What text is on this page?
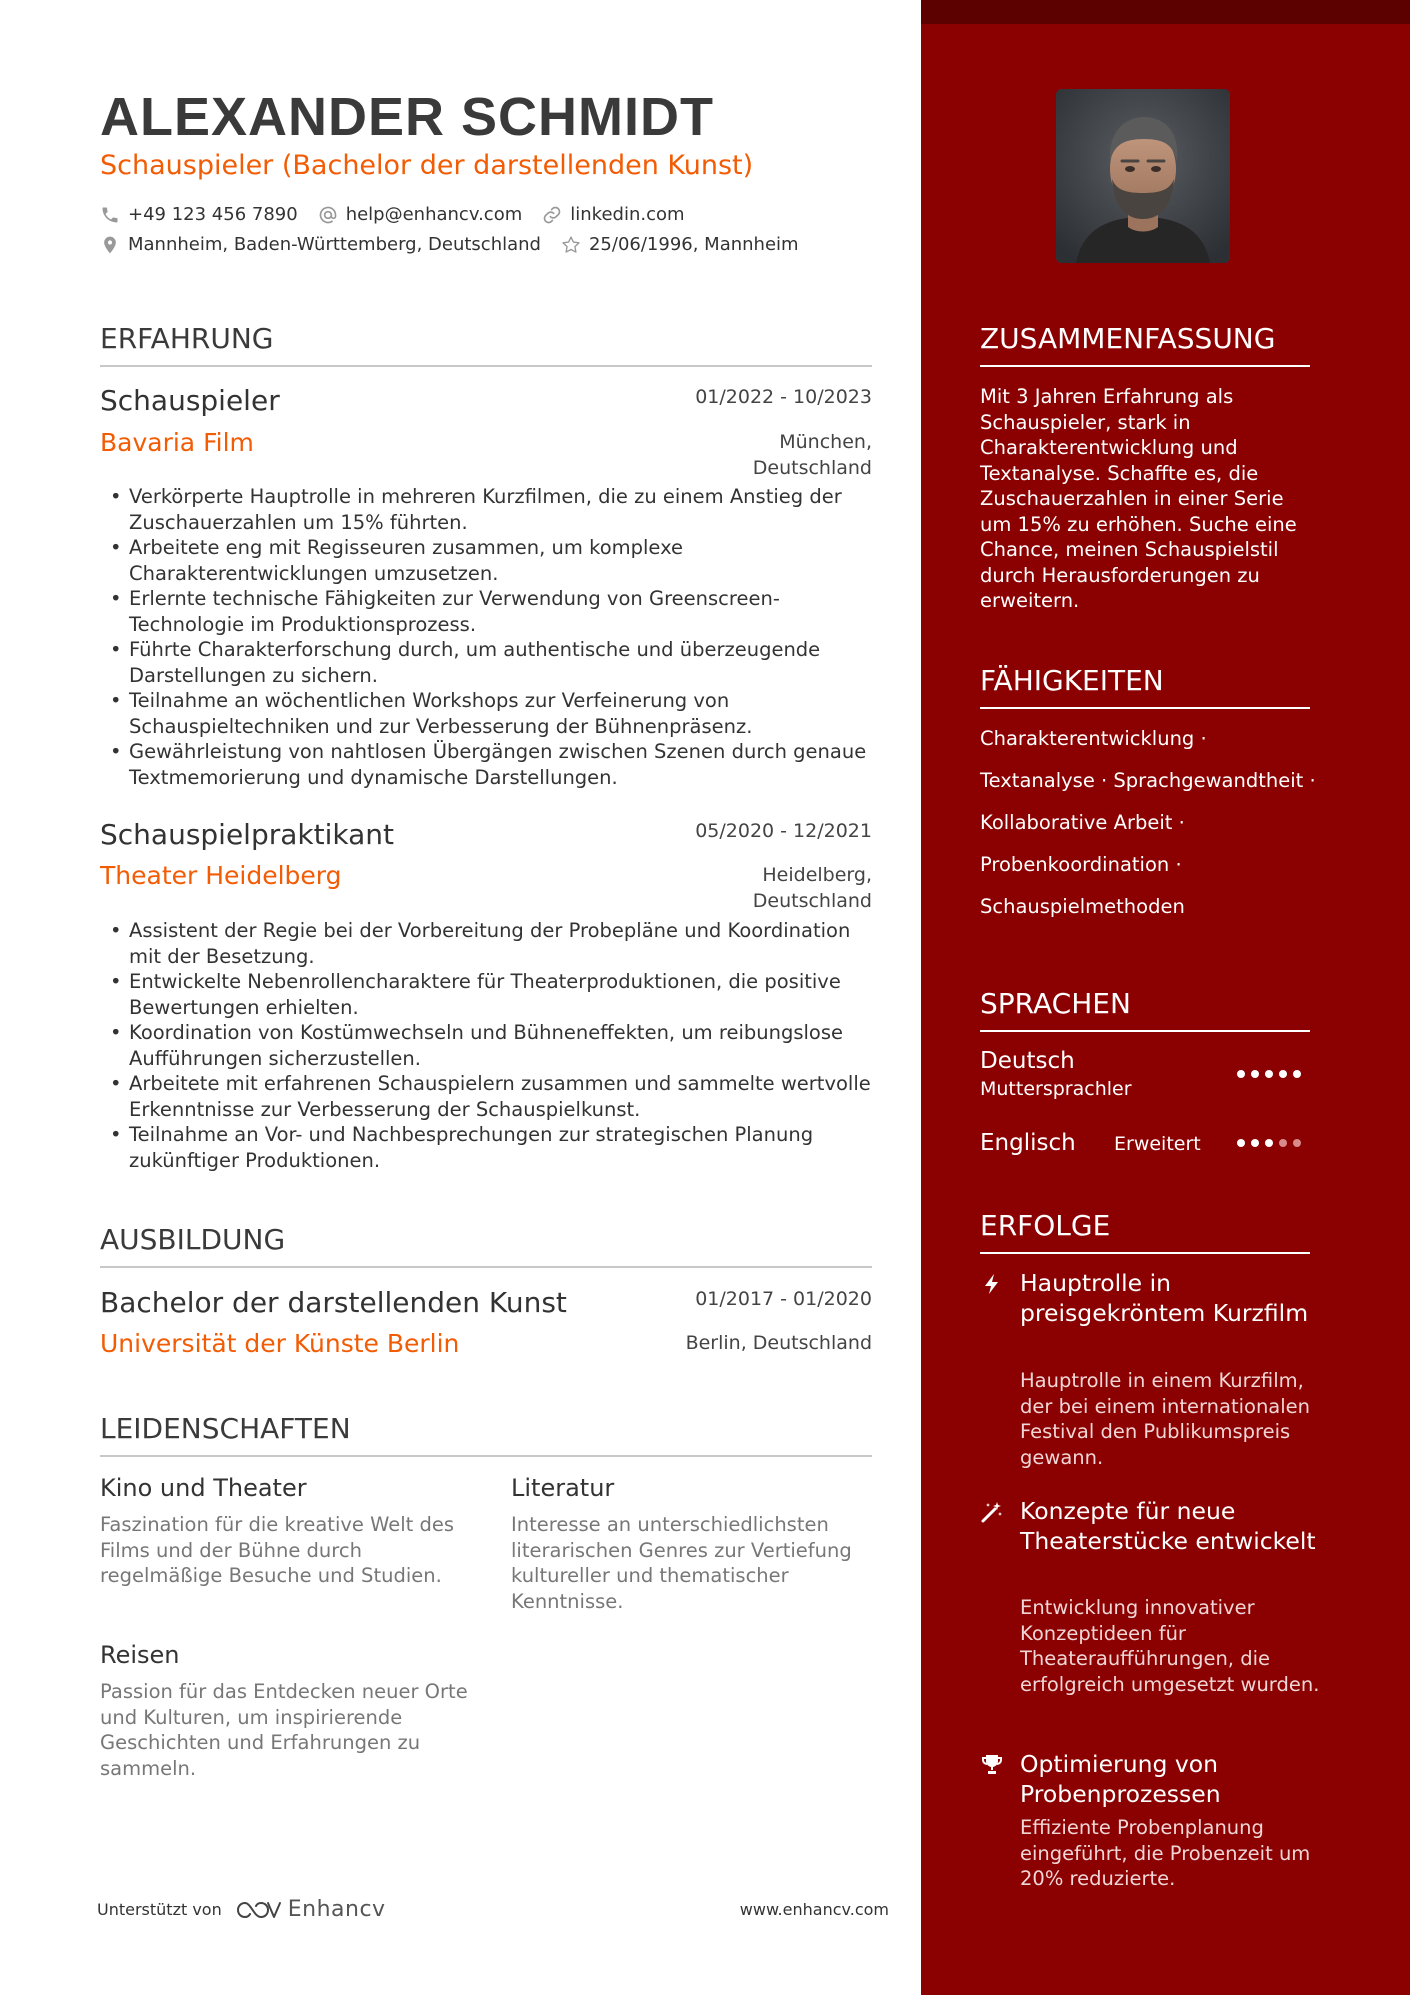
ALEXANDER SCHMIDT
Schauspieler (Bachelor der darstellenden Kunst)
+49 123 456 7890	help@enhancv.com	linkedin.com
Mannheim, Baden-Württemberg, Deutschland	25/06/1996, Mannheim
ERFAHRUNG
Schauspieler	01/2022 - 10/2023
Bavaria Film	München,
Deutschland
• Verkörperte Hauptrolle in mehreren Kurzfilmen, die zu einem Anstieg der Zuschauerzahlen um 15% führten.
• Arbeitete eng mit Regisseuren zusammen, um komplexe Charakterentwicklungen umzusetzen.
• Erlernte technische Fähigkeiten zur Verwendung von Greenscreen-Technologie im Produktionsprozess.
• Führte Charakterforschung durch, um authentische und überzeugende Darstellungen zu sichern.
• Teilnahme an wöchentlichen Workshops zur Verfeinerung von Schauspieltechniken und zur Verbesserung der Bühnenpräsenz.
• Gewährleistung von nahtlosen Übergängen zwischen Szenen durch genaue Textmemorierung und dynamische Darstellungen.
Schauspielpraktikant	05/2020 - 12/2021
Theater Heidelberg	Heidelberg,
Deutschland
• Assistent der Regie bei der Vorbereitung der Probepläne und Koordination mit der Besetzung.
• Entwickelte Nebenrollencharaktere für Theaterproduktionen, die positive Bewertungen erhielten.
• Koordination von Kostümwechseln und Bühneneffekten, um reibungslose Aufführungen sicherzustellen.
• Arbeitete mit erfahrenen Schauspielern zusammen und sammelte wertvolle Erkenntnisse zur Verbesserung der Schauspielkunst.
• Teilnahme an Vor- und Nachbesprechungen zur strategischen Planung zukünftiger Produktionen.
AUSBILDUNG
Bachelor der darstellenden Kunst	01/2017 - 01/2020
Universität der Künste Berlin	Berlin, Deutschland
LEIDENSCHAFTEN
Kino und Theater
Faszination für die kreative Welt des Films und der Bühne durch regelmäßige Besuche und Studien.
Literatur
Interesse an unterschiedlichsten literarischen Genres zur Vertiefung kultureller und thematischer Kenntnisse.
Reisen
Passion für das Entdecken neuer Orte und Kulturen, um inspirierende Geschichten und Erfahrungen zu sammeln.
Unterstützt von	Enhancv	www.enhancv.com
ZUSAMMENFASSUNG
Mit 3 Jahren Erfahrung als Schauspieler, stark in Charakterentwicklung und Textanalyse. Schaffte es, die Zuschauerzahlen in einer Serie um 15% zu erhöhen. Suche eine Chance, meinen Schauspielstil durch Herausforderungen zu erweitern.
FÄHIGKEITEN
Charakterentwicklung ·
Textanalyse · Sprachgewandtheit ·
Kollaborative Arbeit ·
Probenkoordination ·
Schauspielmethoden
SPRACHEN
Deutsch
Muttersprachler
Englisch Erweitert
ERFOLGE
Hauptrolle in preisgekröntem Kurzfilm
Hauptrolle in einem Kurzfilm, der bei einem internationalen Festival den Publikumspreis gewann.
Konzepte für neue Theaterstücke entwickelt
Entwicklung innovativer Konzeptideen für Theateraufführungen, die erfolgreich umgesetzt wurden.
Optimierung von Probenprozessen
Effiziente Probenplanung eingeführt, die Probenzeit um 20% reduzierte.
